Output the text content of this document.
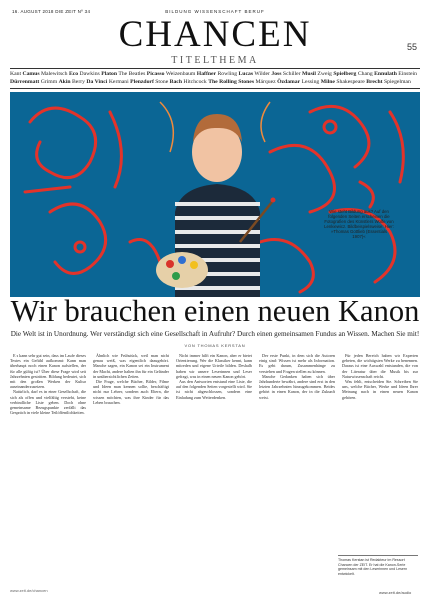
16. AUGUST 2018 DIE ZEIT Nº 34	BILDUNG WISSENSCHAFT BERUF
CHANCEN
TITELTHEMA
55
Kant Camus Malewitsch Eco Dawkins Platon The Beatles Picasso Weizenbaum Haffner Rowling Lucas Wilder Joss Schiller Musil Zweig Spielberg Chang Ennulath Einstein
Dürrenmatt Grimm Akin Berry Da Vinci Kermani Plenzdorf Stone Bach Hitchcock The Rolling Stones Márquez Özdamar Lessing Milne Shakespeare Brecht Spiegelman
Wie steht Bildung aus? Auf den folgenden Seiten erscheinen die Fotografien des Künstlers Wolfe von Lenkiewicz. Bildbeispielsweise: Hier: »Thomas Gottlieb (Essentials 1907)«
Wir brauchen einen neuen Kanon
Die Welt ist in Unordnung. Wer verständigt sich eine Gesellschaft in Aufruhr? Durch einen gemeinsamen Fundus an Wissen. Machen Sie mit!
VON THOMAS KERSTAN

E s kann sehr gut sein, dass im Laufe dieses Textes ein Gefühl aufkommt: Kann man überhaupt noch einen Kanon aufstellen, der für alle gültig ist? Über diese Frage wird seit Jahrzehnten gestritten. Bildung bedeutet, sich mit den großen Werken der Kultur auseinanderzusetzen.

Natürlich, darf es in einer Gesellschaft, die sich als offen und vielfältig versteht, keine verbindliche Liste geben. Doch ohne gemeinsame Bezugspunkte zerfällt das Gespräch in viele kleine Teilöffentlichkeiten.

Ähnlich wie Frühstück, weil man nicht genau weiß, was eigentlich dazugehört. Manche sagen, ein Kanon sei ein Instrument der Macht, andere halten ihn für ein Geländer in unübersichtlichen Zeiten.

Die Frage, welche Bücher, Bilder, Filme und Ideen man kennen sollte, beschäftigt nicht nur Lehrer, sondern auch Eltern, die wissen möchten, was ihre Kinder für das Leben brauchen.

Nicht immer hilft ein Kanon, aber er bietet Orientierung. Wer die Klassiker kennt, kann mitreden und eigene Urteile bilden. Deshalb haben wir unsere Leserinnen und Leser gefragt, was in einen neuen Kanon gehört.

Aus den Antworten entstand eine Liste, die auf den folgenden Seiten vorgestellt wird. Sie ist nicht abgeschlossen, sondern eine Einladung zum Weiterdenken.

Der erste Punkt, in dem sich die Autoren einig sind: Wissen ist mehr als Information. Es geht darum, Zusammenhänge zu verstehen und Fragen stellen zu können.

Manche Gedanken haben sich über Jahrhunderte bewährt, andere sind erst in den letzten Jahrzehnten hinzugekommen. Beides gehört in einen Kanon, der in die Zukunft weist.

Für jeden Bereich haben wir Experten gebeten, die wichtigsten Werke zu benennen. Daraus ist eine Auswahl entstanden, die von der Literatur über die Musik bis zur Naturwissenschaft reicht.

Was fehlt, entscheiden Sie. Schreiben Sie uns, welche Bücher, Werke und Ideen Ihrer Meinung nach in einen neuen Kanon gehören.

Thomas Kerstan ist Redakteur im Ressort Chancen der ZEIT. Er hat die Kanon-Serie gemeinsam mit den Leserinnen und Lesern entwickelt.
www.zeit.de/chancen	www.zeit.de/audio
